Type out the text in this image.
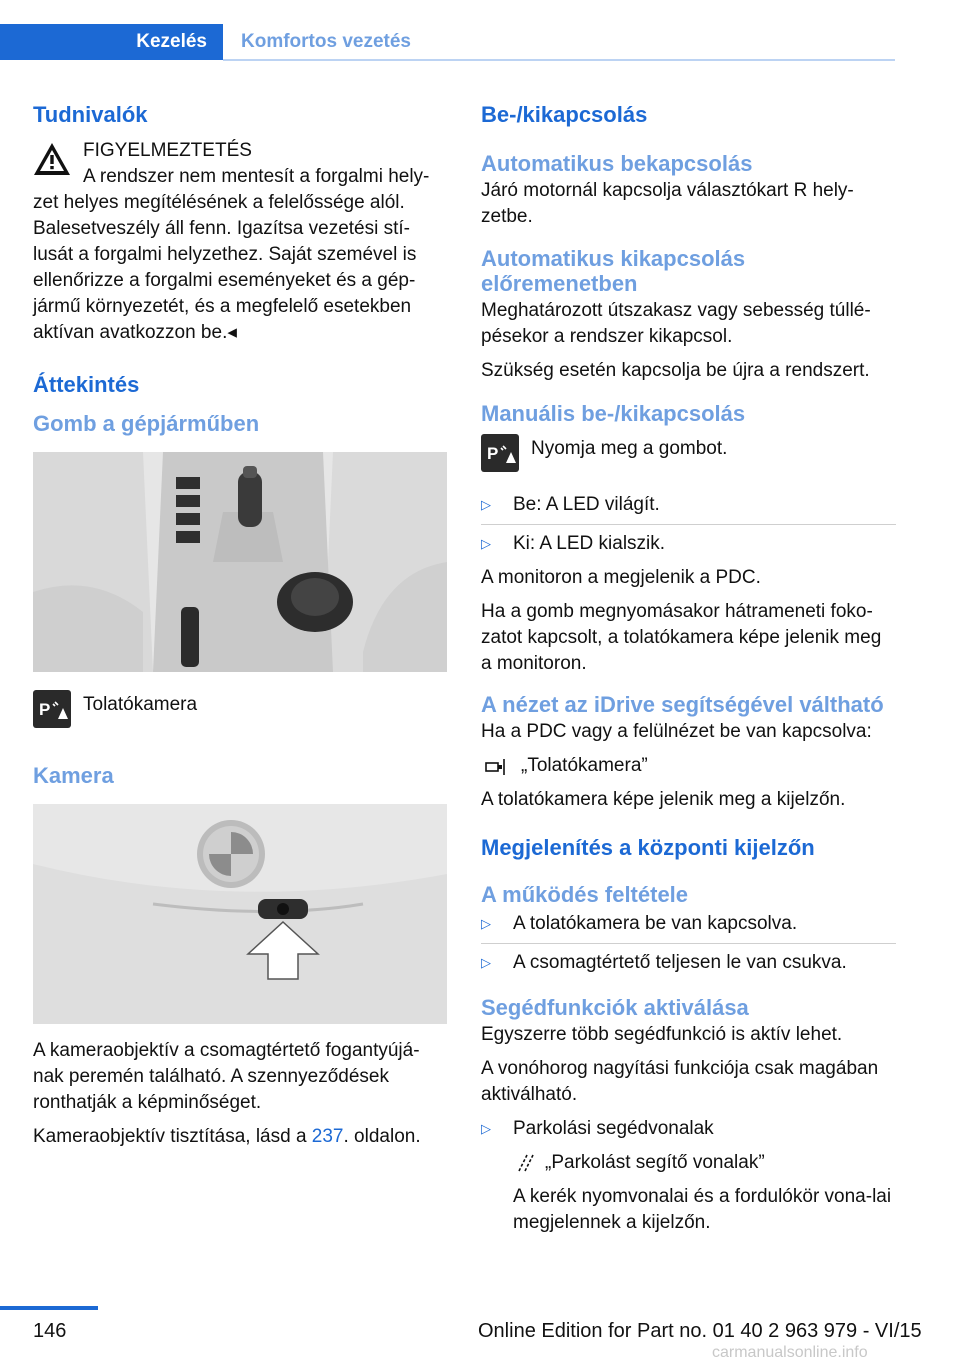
Kezelés Komfortos vezetés
Tudnivalók

FIGYELMEZTETÉS

A rendszer nem mentesít a forgalmi hely-

zet helyes megítélésének a felelőssége alól. Balesetveszély áll fenn. Igazítsa vezetési stí-lusát a forgalmi helyzethez. Saját szemével is ellenőrizze a forgalmi eseményeket és a gép-jármű környezetét, és a megfelelő esetekben aktívan avatkozzon be.◂

Áttekintés
Gomb a gépjárműben
P Tolatókamera
Kamera

A kameraobjektív a csomagtértető fogantyújá-nak peremén található. A szennyeződések ronthatják a képminőséget.

Kameraobjektív tisztítása, lásd a 237. oldalon.

Be-/kikapcsolás
Automatikus bekapcsolás

Járó motornál kapcsolja választókart R hely-zetbe.

Automatikus kikapcsolás előremenetben

Meghatározott útszakasz vagy sebesség túllé-pésekor a rendszer kikapcsol.

Szükség esetén kapcsolja be újra a rendszert.

Manuális be-/kikapcsolás
P Nyomja meg a gombot.
▷ Be: A LED világít.
▷ Ki: A LED kialszik.

A monitoron a megjelenik a PDC.

Ha a gomb megnyomásakor hátrameneti foko-zatot kapcsolt, a tolatókamera képe jelenik meg a monitoron.

A nézet az iDrive segítségével váltható

Ha a PDC vagy a felülnézet be van kapcsolva:

„Tolatókamera”

A tolatókamera képe jelenik meg a kijelzőn.

Megjelenítés a központi kijelzőn
A működés feltétele
▷ A tolatókamera be van kapcsolva.
▷ A csomagtértető teljesen le van csukva.
Segédfunkciók aktiválása

Egyszerre több segédfunkció is aktív lehet.

A vonóhorog nagyítási funkciója csak magában aktiválható.

▷ Parkolási segédvonalak
„Parkolást segítő vonalak”

A kerék nyomvonalai és a fordulókör vona-lai megjelennek a kijelzőn.

146	Online Edition for Part no. 01 40 2 963 979 - VI/15
carmanualsonline.info
